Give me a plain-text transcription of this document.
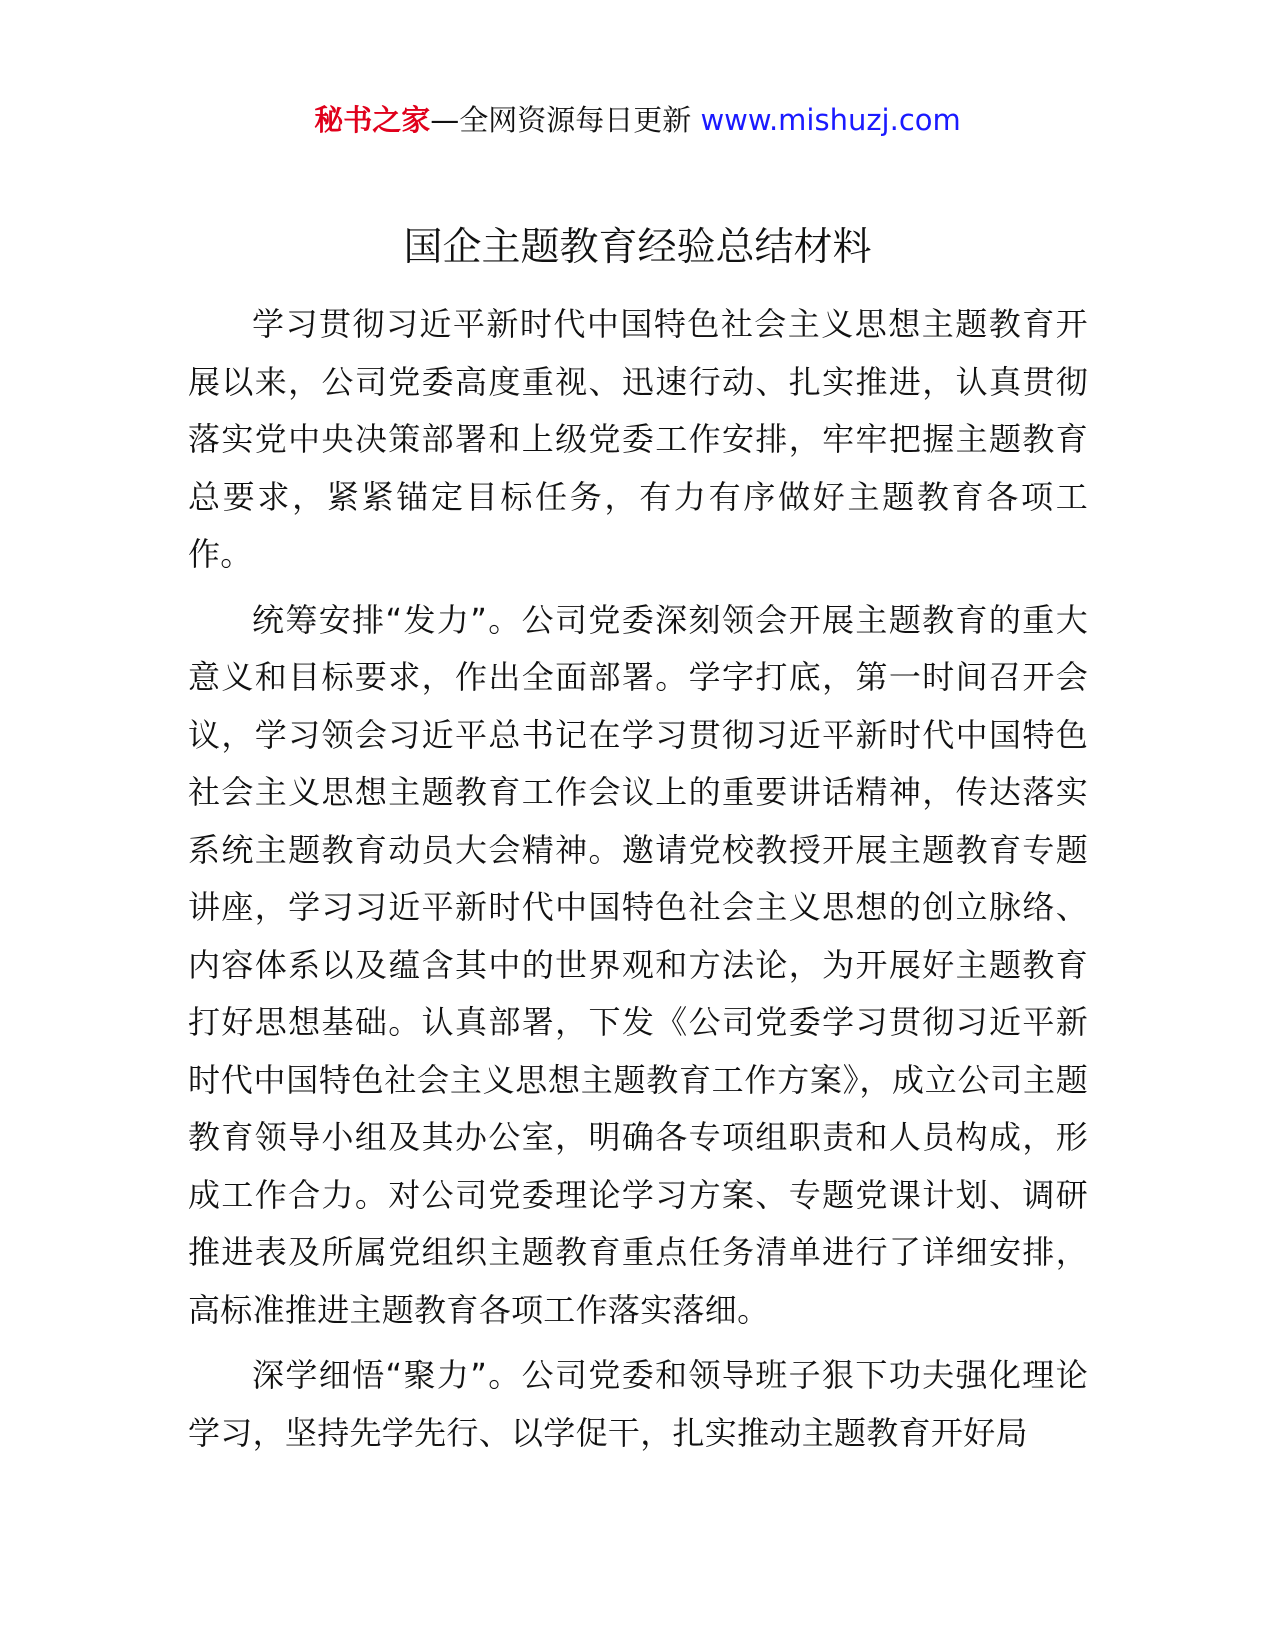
秘书之家—全网资源每日更新 www.mishuzj.com
国企主题教育经验总结材料

学习贯彻习近平新时代中国特色社会主义思想主题教育开展以来，公司党委高度重视、迅速行动、扎实推进，认真贯彻落实党中央决策部署和上级党委工作安排，牢牢把握主题教育总要求，紧紧锚定目标任务，有力有序做好主题教育各项工作。

统筹安排“发力”。公司党委深刻领会开展主题教育的重大意义和目标要求，作出全面部署。学字打底，第一时间召开会议，学习领会习近平总书记在学习贯彻习近平新时代中国特色社会主义思想主题教育工作会议上的重要讲话精神，传达落实系统主题教育动员大会精神。邀请党校教授开展主题教育专题讲座，学习习近平新时代中国特色社会主义思想的创立脉络、内容体系以及蕴含其中的世界观和方法论，为开展好主题教育打好思想基础。认真部署，下发《公司党委学习贯彻习近平新时代中国特色社会主义思想主题教育工作方案》，成立公司主题教育领导小组及其办公室，明确各专项组职责和人员构成，形成工作合力。对公司党委理论学习方案、专题党课计划、调研推进表及所属党组织主题教育重点任务清单进行了详细安排，高标准推进主题教育各项工作落实落细。

深学细悟“聚力”。公司党委和领导班子狠下功夫强化理论学习，坚持先学先行、以学促干，扎实推动主题教育开好局
